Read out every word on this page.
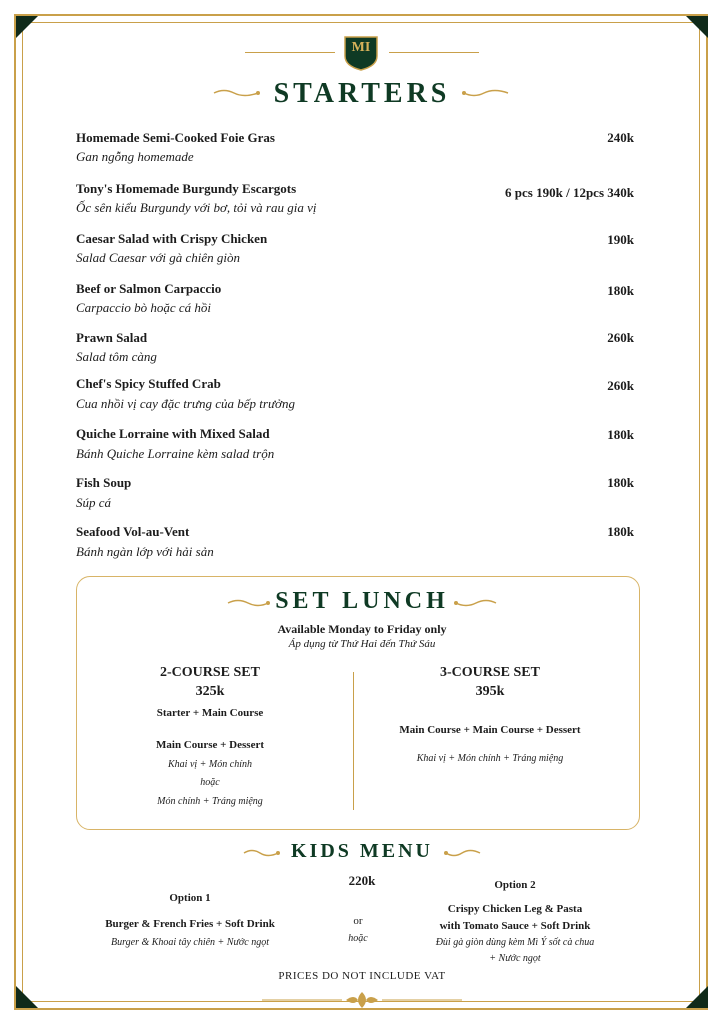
MI
STARTERS
Homemade Semi-Cooked Foie Gras
Gan ngỗng homemade
240k
Tony's Homemade Burgundy Escargots
Ốc sên kiểu Burgundy với bơ, tỏi và rau gia vị
6 pcs 190k / 12pcs 340k
Caesar Salad with Crispy Chicken
Salad Caesar với gà chiên giòn
190k
Beef or Salmon Carpaccio
Carpaccio bò hoặc cá hồi
180k
Prawn Salad
Salad tôm càng
260k
Chef's Spicy Stuffed Crab
Cua nhồi vị cay đặc trưng của bếp trưởng
260k
Quiche Lorraine with Mixed Salad
Bánh Quiche Lorraine kèm salad trộn
180k
Fish Soup
Súp cá
180k
Seafood Vol-au-Vent
Bánh ngàn lớp với hải sản
180k
SET LUNCH
Available Monday to Friday only
Áp dụng từ Thứ Hai đến Thứ Sáu
2-COURSE SET
325k
Starter + Main Course
Main Course + Dessert
Khai vị + Món chính
hoặc
Món chính + Tráng miệng
3-COURSE SET
395k
Main Course + Main Course + Dessert
Khai vị + Món chính + Tráng miệng
KIDS MENU
220k
Option 1
Burger & French Fries + Soft Drink
Burger & Khoai tây chiên + Nước ngọt
or
hoặc
Option 2
Crispy Chicken Leg & Pasta
with Tomato Sauce + Soft Drink
Đùi gà giòn dùng kèm Mì Ý sốt cà chua
+ Nước ngọt
PRICES DO NOT INCLUDE VAT
